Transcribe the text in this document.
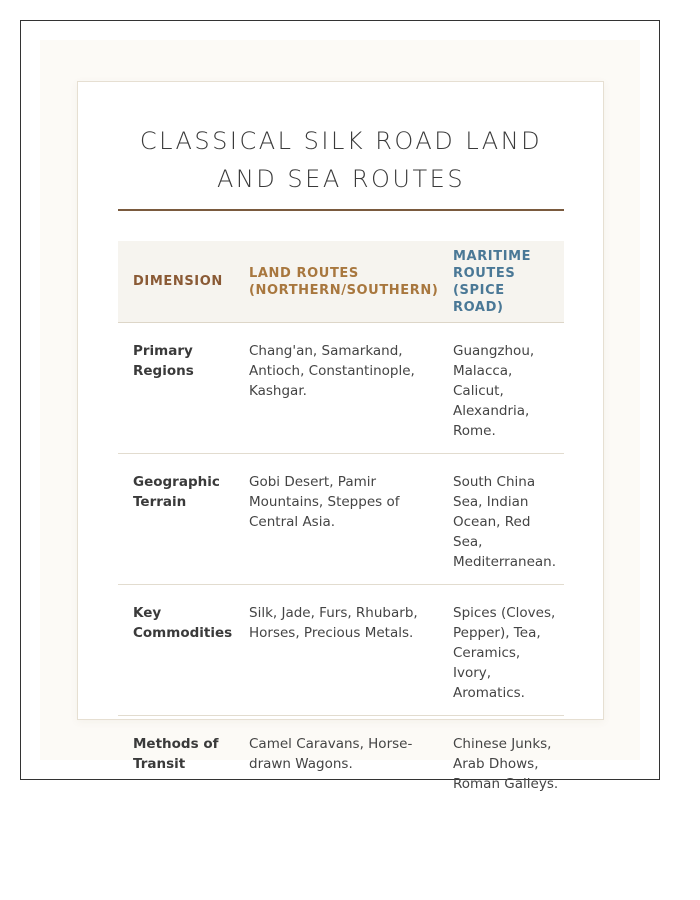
CLASSICAL SILK ROAD LAND AND SEA ROUTES
DIMENSION
LAND ROUTES (NORTHERN/SOUTHERN)
MARITIME ROUTES (SPICE ROAD)
Primary Regions
Chang'an, Samarkand, Antioch, Constantinople, Kashgar.
Guangzhou, Malacca, Calicut, Alexandria, Rome.
Geographic Terrain
Gobi Desert, Pamir Mountains, Steppes of Central Asia.
South China Sea, Indian Ocean, Red Sea, Mediterranean.
Key Commodities
Silk, Jade, Furs, Rhubarb, Horses, Precious Metals.
Spices (Cloves, Pepper), Tea, Ceramics, Ivory, Aromatics.
Methods of Transit
Camel Caravans, Horse-drawn Wagons.
Chinese Junks, Arab Dhows, Roman Galleys.
